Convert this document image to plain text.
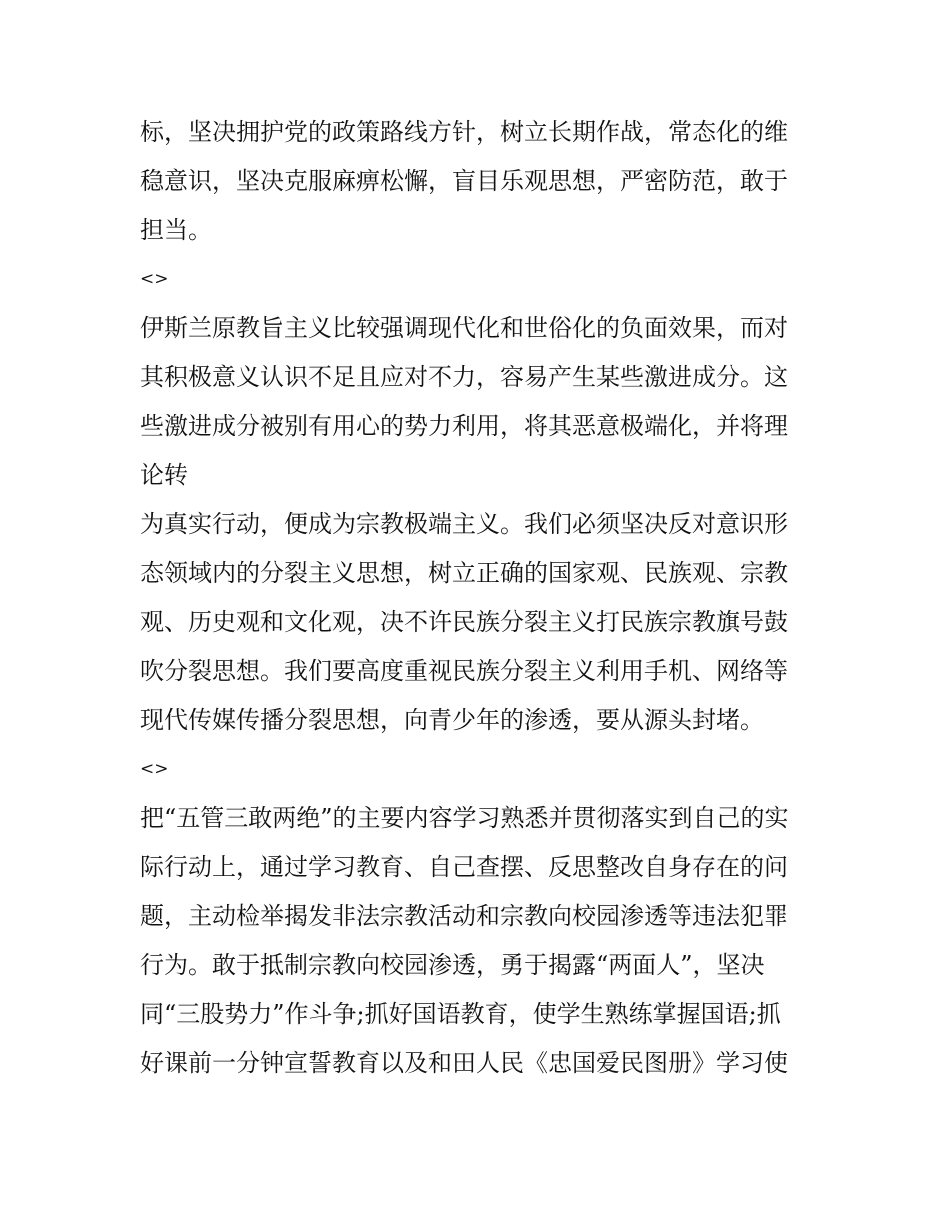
标，坚决拥护党的政策路线方针，树立长期作战，常态化的维
稳意识，坚决克服麻痹松懈，盲目乐观思想，严密防范，敢于
担当。
<>
伊斯兰原教旨主义比较强调现代化和世俗化的负面效果，而对
其积极意义认识不足且应对不力，容易产生某些激进成分。这
些激进成分被别有用心的势力利用，将其恶意极端化，并将理
论转
为真实行动，便成为宗教极端主义。我们必须坚决反对意识形
态领域内的分裂主义思想，树立正确的国家观、民族观、宗教
观、历史观和文化观，决不许民族分裂主义打民族宗教旗号鼓
吹分裂思想。我们要高度重视民族分裂主义利用手机、网络等
现代传媒传播分裂思想，向青少年的渗透，要从源头封堵。
<>
把“五管三敢两绝”的主要内容学习熟悉并贯彻落实到自己的实
际行动上，通过学习教育、自己查摆、反思整改自身存在的问
题，主动检举揭发非法宗教活动和宗教向校园渗透等违法犯罪
行为。敢于抵制宗教向校园渗透，勇于揭露“两面人”，坚决
同“三股势力”作斗争;抓好国语教育，使学生熟练掌握国语;抓
好课前一分钟宣誓教育以及和田人民《忠国爱民图册》学习使
